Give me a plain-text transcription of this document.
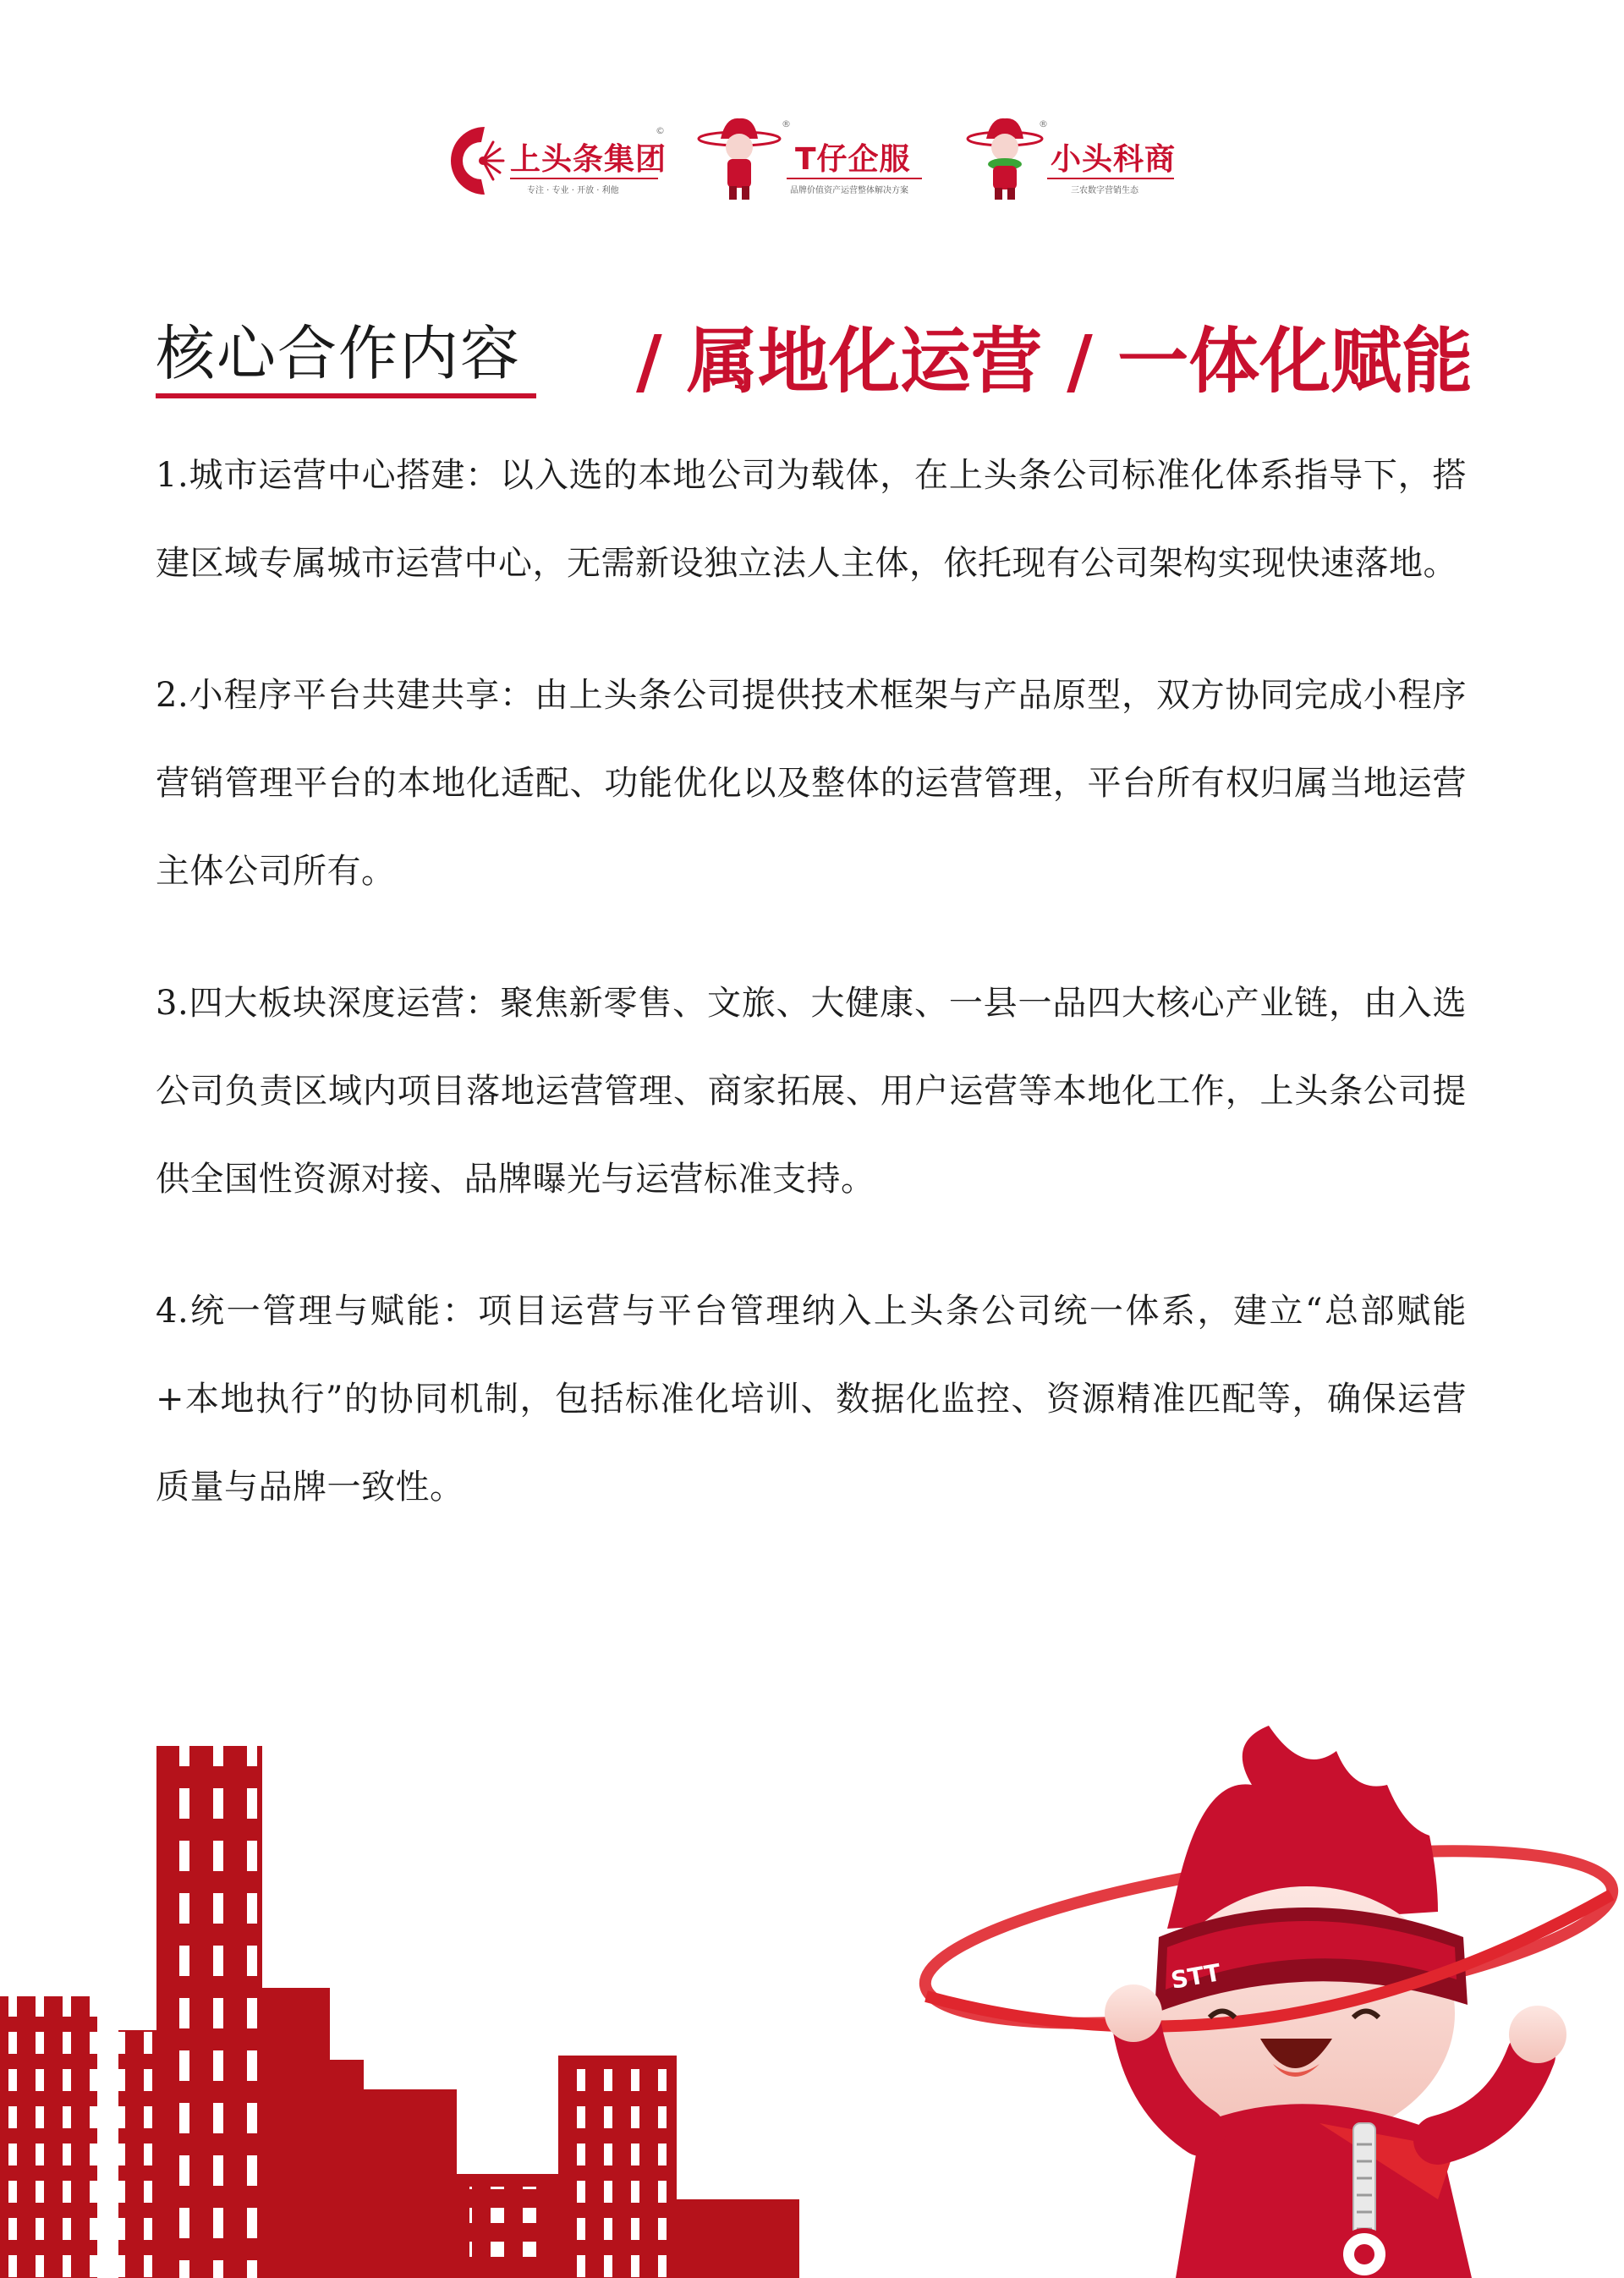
上头条集团
©
专注 · 专业 · 开放 · 利他
®
T仔企服
品牌价值资产运营整体解决方案
®
小头科商
三农数字营销生态
核心合作内容 / 属地化运营 / 一体化赋能

1.城市运营中心搭建：以入选的本地公司为载体，在上头条公司标准化体系指导下，搭建区域专属城市运营中心，无需新设独立法人主体，依托现有公司架构实现快速落地。

2.小程序平台共建共享：由上头条公司提供技术框架与产品原型，双方协同完成小程序营销管理平台的本地化适配、功能优化以及整体的运营管理，平台所有权归属当地运营主体公司所有。

3.四大板块深度运营：聚焦新零售、文旅、大健康、一县一品四大核心产业链，由入选公司负责区域内项目落地运营管理、商家拓展、用户运营等本地化工作，上头条公司提供全国性资源对接、品牌曝光与运营标准支持。

4.统一管理与赋能：项目运营与平台管理纳入上头条公司统一体系，建立“总部赋能+本地执行”的协同机制，包括标准化培训、数据化监控、资源精准匹配等，确保运营质量与品牌一致性。

STT
